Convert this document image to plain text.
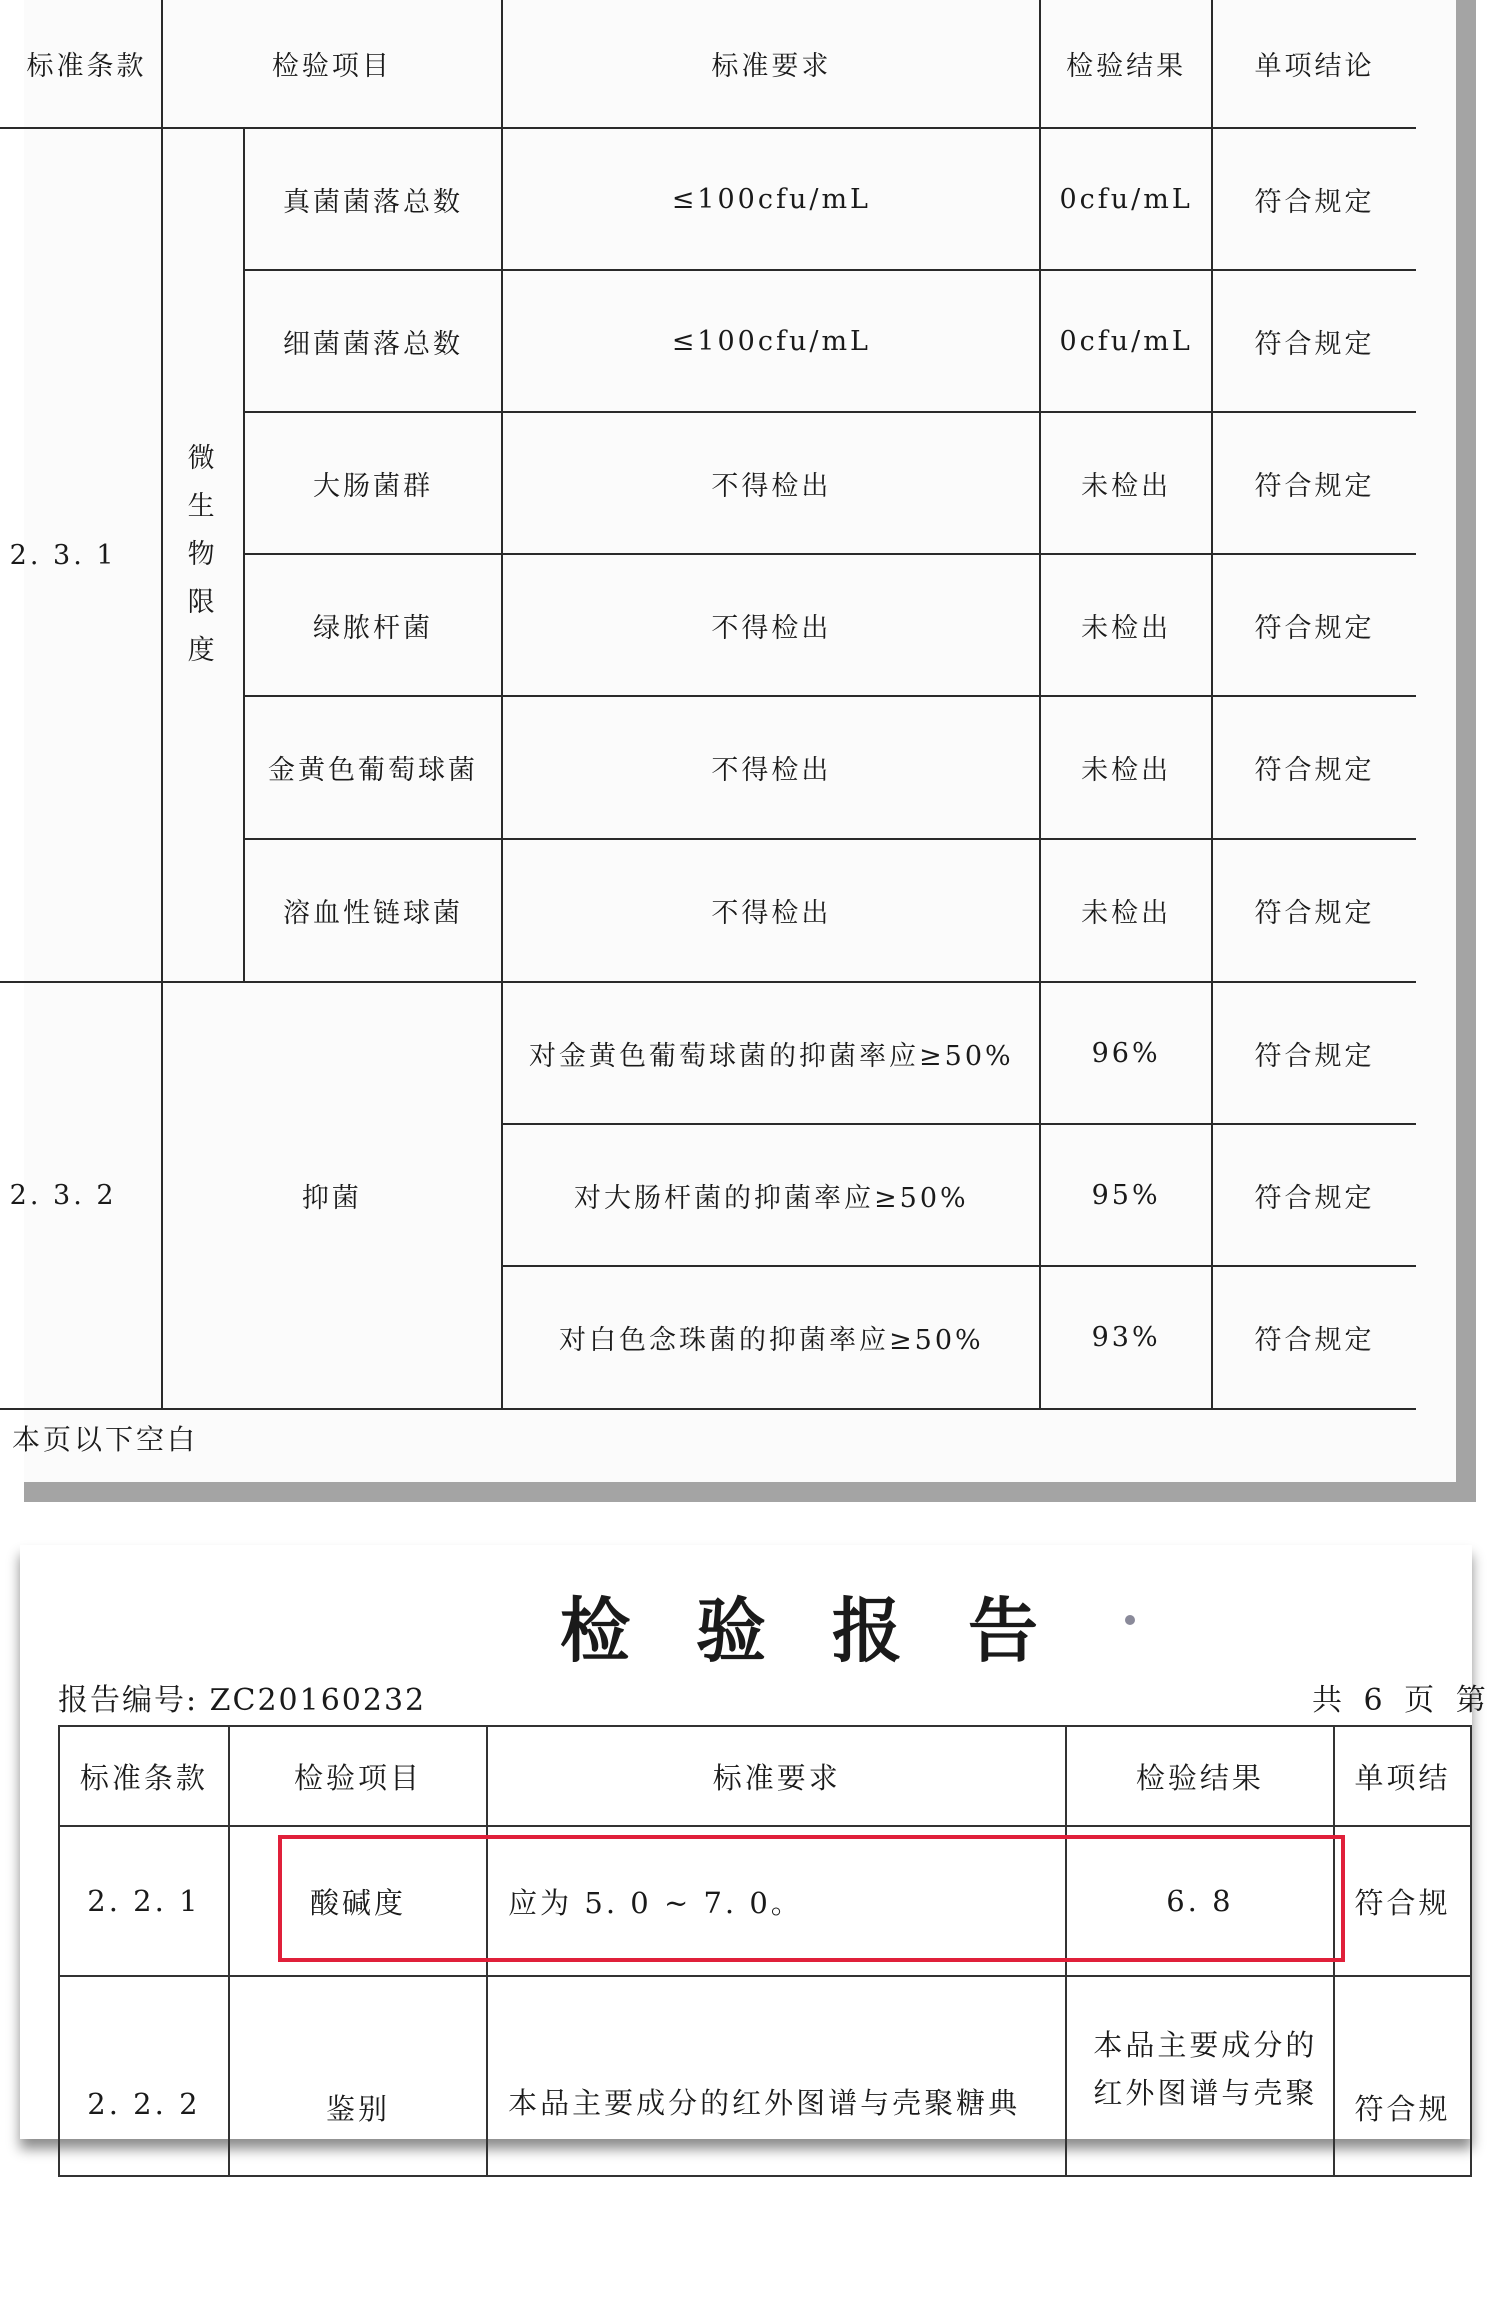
标准条款	检验项目		标准要求	检验结果	单项结论
2. 3. 1	微生物限度	真菌菌落总数	≤100cfu/mL	0cfu/mL	符合规定
		细菌菌落总数	≤100cfu/mL	0cfu/mL	符合规定
		大肠菌群	不得检出	未检出	符合规定
		绿脓杆菌	不得检出	未检出	符合规定
		金黄色葡萄球菌	不得检出	未检出	符合规定
		溶血性链球菌	不得检出	未检出	符合规定
2. 3. 2	抑菌		对金黄色葡萄球菌的抑菌率应≥50%	96%	符合规定
			对大肠杆菌的抑菌率应≥50%	95%	符合规定
			对白色念珠菌的抑菌率应≥50%	93%	符合规定
本页以下空白
检验报告
报告编号: ZC20160232	共 6 页 第
标准条款	检验项目	标准要求	检验结果	单项结
2. 2. 1	酸碱度	应为 5. 0 ~ 7. 0。	6. 8	符合规
2. 2. 2	鉴别	本品主要成分的红外图谱与壳聚糖典	本品主要成分的红外图谱与壳聚	符合规
